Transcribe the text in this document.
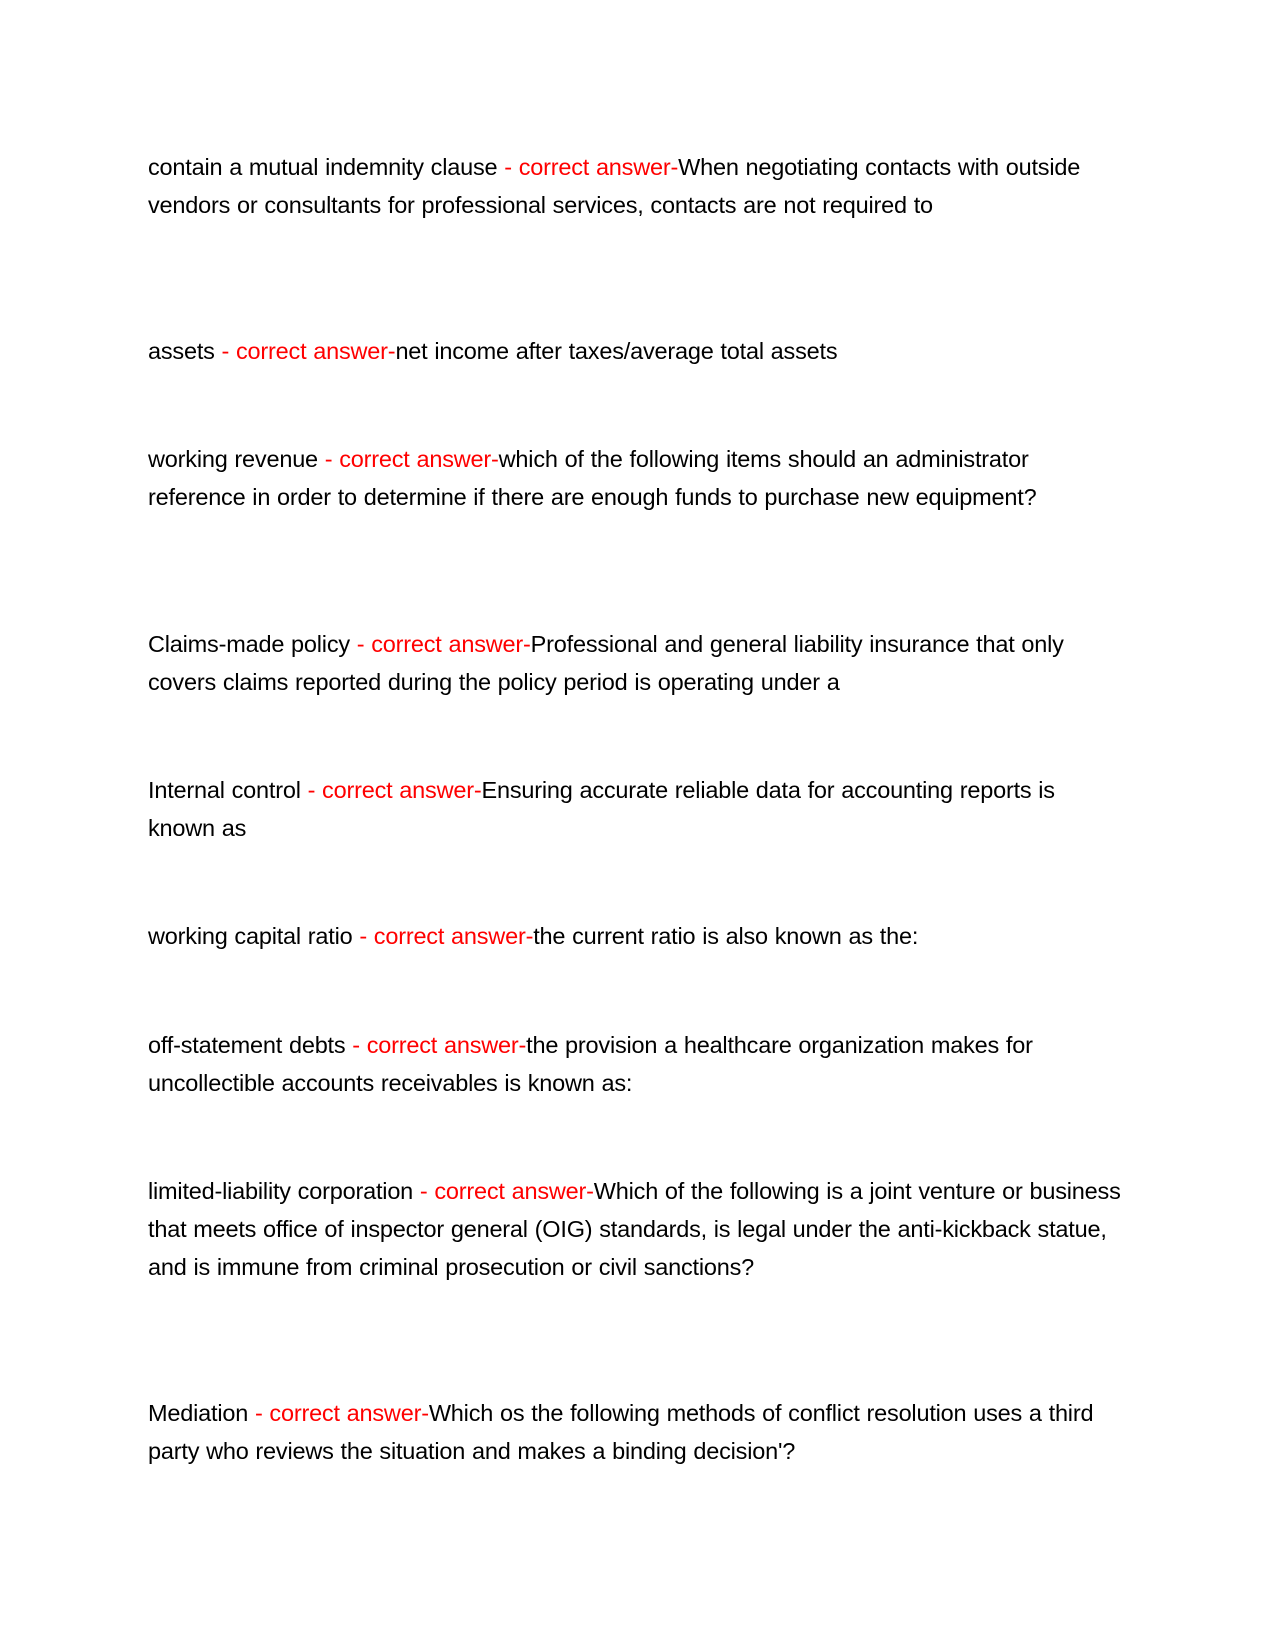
contain a mutual indemnity clause - correct answer-When negotiating contacts with outside vendors or consultants for professional services, contacts are not required to

assets - correct answer-net income after taxes/average total assets

working revenue - correct answer-which of the following items should an administrator reference in order to determine if there are enough funds to purchase new equipment?

Claims-made policy - correct answer-Professional and general liability insurance that only covers claims reported during the policy period is operating under a

Internal control - correct answer-Ensuring accurate reliable data for accounting reports is known as

working capital ratio - correct answer-the current ratio is also known as the:

off-statement debts - correct answer-the provision a healthcare organization makes for uncollectible accounts receivables is known as:

limited-liability corporation - correct answer-Which of the following is a joint venture or business that meets office of inspector general (OIG) standards, is legal under the anti-kickback statue, and is immune from criminal prosecution or civil sanctions?

Mediation - correct answer-Which os the following methods of conflict resolution uses a third party who reviews the situation and makes a binding decision'?
